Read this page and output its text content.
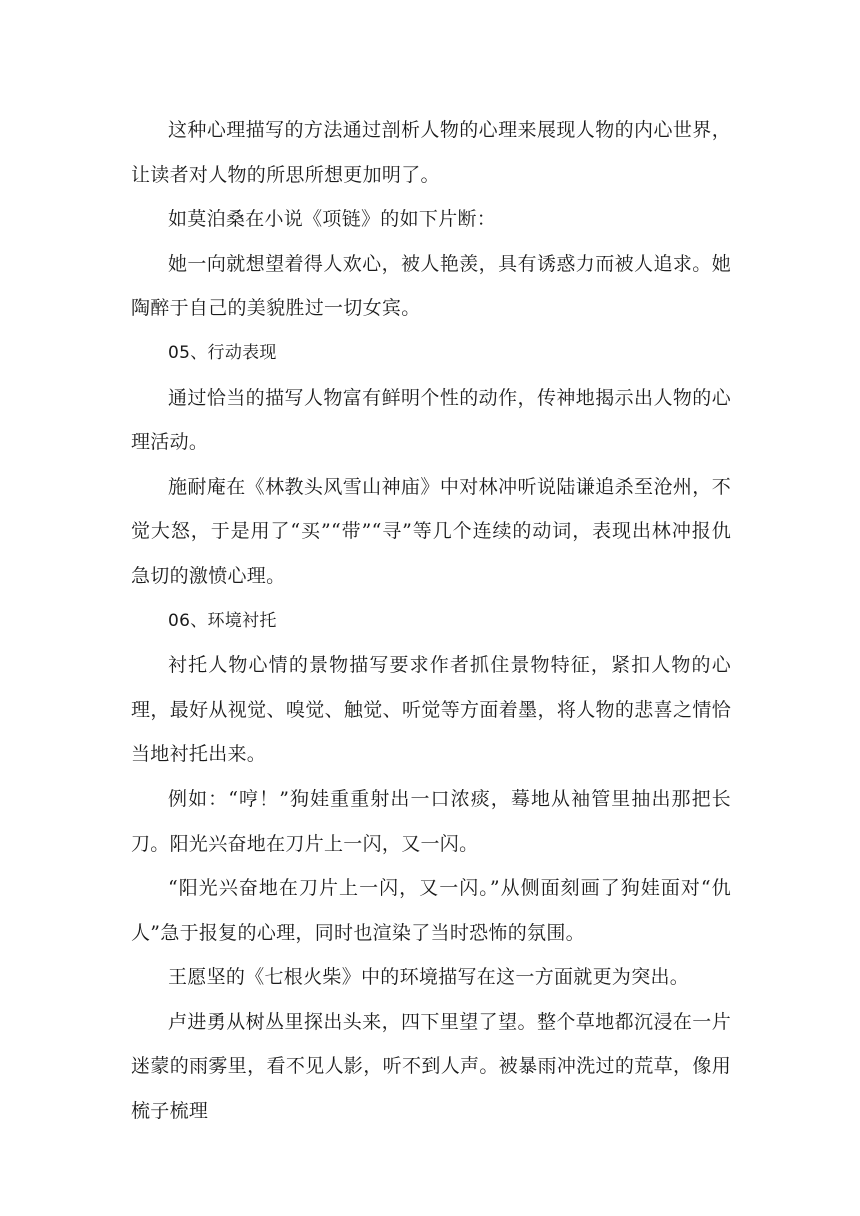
这种心理描写的方法通过剖析人物的心理来展现人物的内心世界，让读者对人物的所思所想更加明了。

如莫泊桑在小说《项链》的如下片断：

她一向就想望着得人欢心，被人艳羡，具有诱惑力而被人追求。她陶醉于自己的美貌胜过一切女宾。

05、行动表现

通过恰当的描写人物富有鲜明个性的动作，传神地揭示出人物的心理活动。

施耐庵在《林教头风雪山神庙》中对林冲听说陆谦追杀至沧州，不觉大怒，于是用了“买”“带”“寻”等几个连续的动词，表现出林冲报仇急切的激愤心理。

06、环境衬托

衬托人物心情的景物描写要求作者抓住景物特征，紧扣人物的心理，最好从视觉、嗅觉、触觉、听觉等方面着墨，将人物的悲喜之情恰当地衬托出来。

例如：“哼！”狗娃重重射出一口浓痰，蓦地从袖管里抽出那把长刀。阳光兴奋地在刀片上一闪，又一闪。

“阳光兴奋地在刀片上一闪，又一闪。”从侧面刻画了狗娃面对“仇人”急于报复的心理，同时也渲染了当时恐怖的氛围。

王愿坚的《七根火柴》中的环境描写在这一方面就更为突出。

卢进勇从树丛里探出头来，四下里望了望。整个草地都沉浸在一片迷蒙的雨雾里，看不见人影，听不到人声。被暴雨冲洗过的荒草，像用梳子梳理
